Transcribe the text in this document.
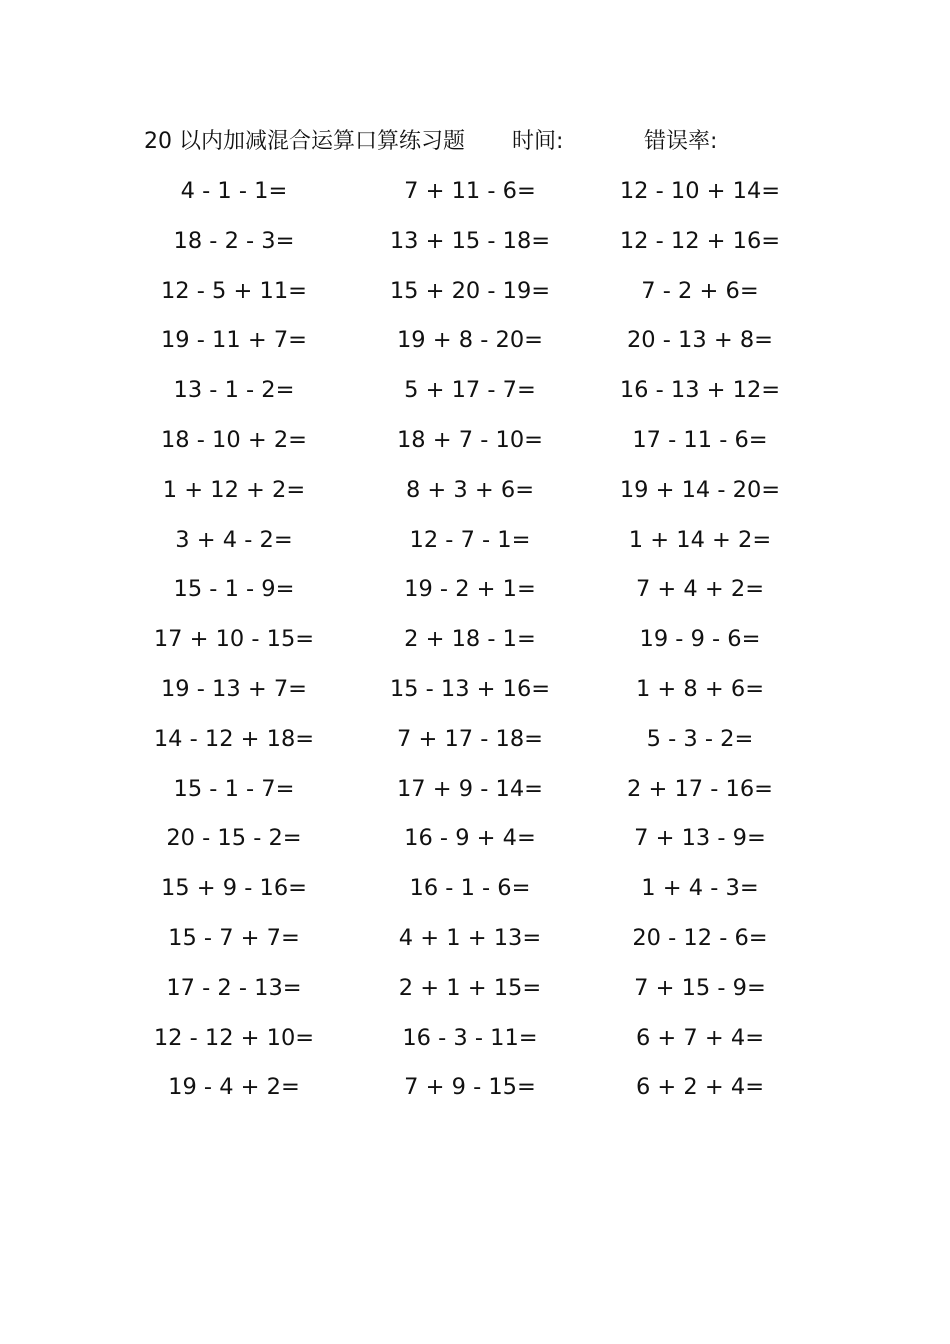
20 以内加减混合运算口算练习题 时间:	错误率:
4 - 1 - 1=	7 + 11 - 6=	12 - 10 + 14=
18 - 2 - 3=	13 + 15 - 18=	12 - 12 + 16=
12 - 5 + 11=	15 + 20 - 19=	7 - 2 + 6=
19 - 11 + 7=	19 + 8 - 20=	20 - 13 + 8=
13 - 1 - 2=	5 + 17 - 7=	16 - 13 + 12=
18 - 10 + 2=	18 + 7 - 10=	17 - 11 - 6=
1 + 12 + 2=	8 + 3 + 6=	19 + 14 - 20=
3 + 4 - 2=	12 - 7 - 1=	1 + 14 + 2=
15 - 1 - 9=	19 - 2 + 1=	7 + 4 + 2=
17 + 10 - 15=	2 + 18 - 1=	19 - 9 - 6=
19 - 13 + 7=	15 - 13 + 16=	1 + 8 + 6=
14 - 12 + 18=	7 + 17 - 18=	5 - 3 - 2=
15 - 1 - 7=	17 + 9 - 14=	2 + 17 - 16=
20 - 15 - 2=	16 - 9 + 4=	7 + 13 - 9=
15 + 9 - 16=	16 - 1 - 6=	1 + 4 - 3=
15 - 7 + 7=	4 + 1 + 13=	20 - 12 - 6=
17 - 2 - 13=	2 + 1 + 15=	7 + 15 - 9=
12 - 12 + 10=	16 - 3 - 11=	6 + 7 + 4=
19 - 4 + 2=	7 + 9 - 15=	6 + 2 + 4=
